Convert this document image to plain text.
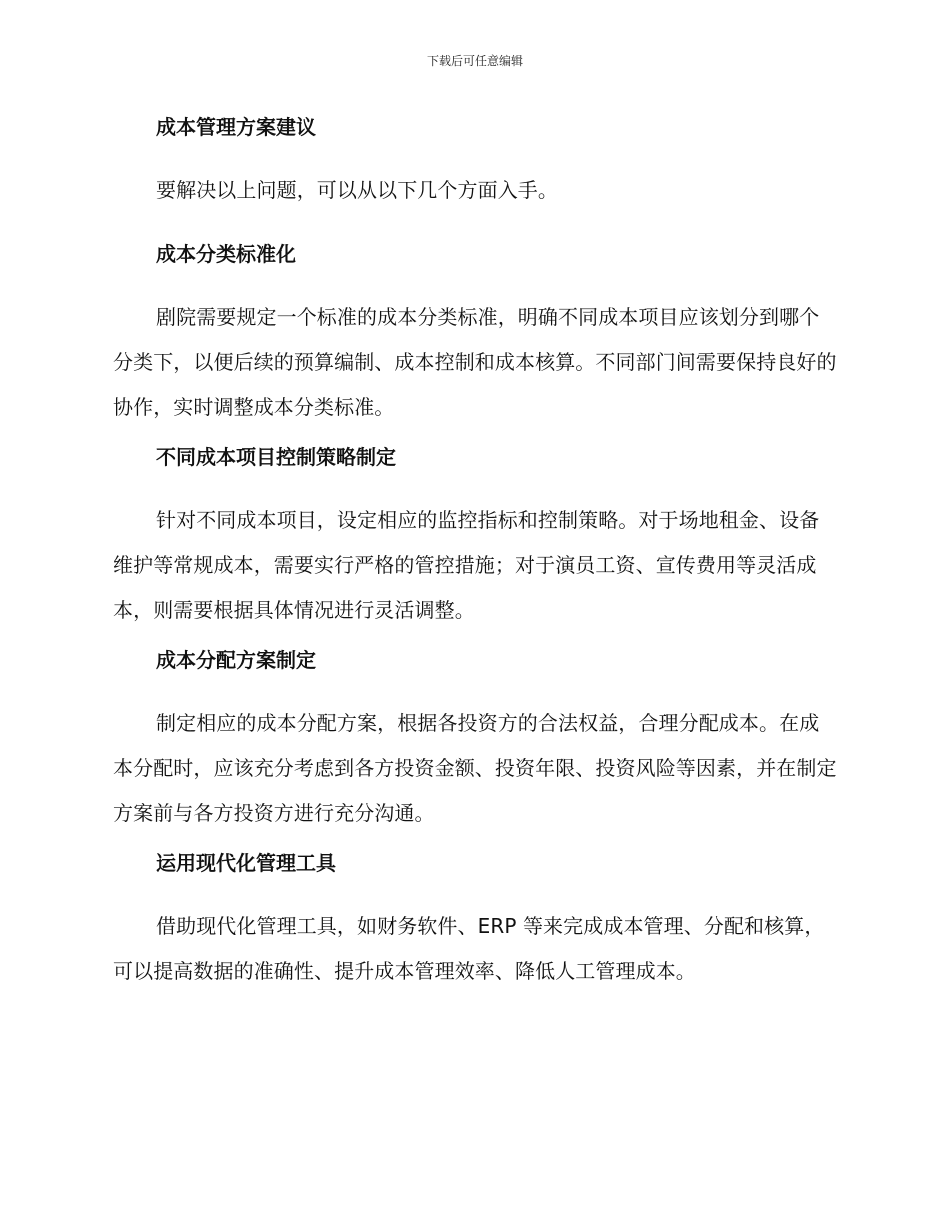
下载后可任意编辑
成本管理方案建议

要解决以上问题，可以从以下几个方面入手。

成本分类标准化

剧院需要规定一个标准的成本分类标准，明确不同成本项目应该划分到哪个分类下，以便后续的预算编制、成本控制和成本核算。不同部门间需要保持良好的协作，实时调整成本分类标准。

不同成本项目控制策略制定

针对不同成本项目，设定相应的监控指标和控制策略。对于场地租金、设备维护等常规成本，需要实行严格的管控措施；对于演员工资、宣传费用等灵活成本，则需要根据具体情况进行灵活调整。

成本分配方案制定

制定相应的成本分配方案，根据各投资方的合法权益，合理分配成本。在成本分配时，应该充分考虑到各方投资金额、投资年限、投资风险等因素，并在制定方案前与各方投资方进行充分沟通。

运用现代化管理工具

借助现代化管理工具，如财务软件、ERP 等来完成成本管理、分配和核算，可以提高数据的准确性、提升成本管理效率、降低人工管理成本。
